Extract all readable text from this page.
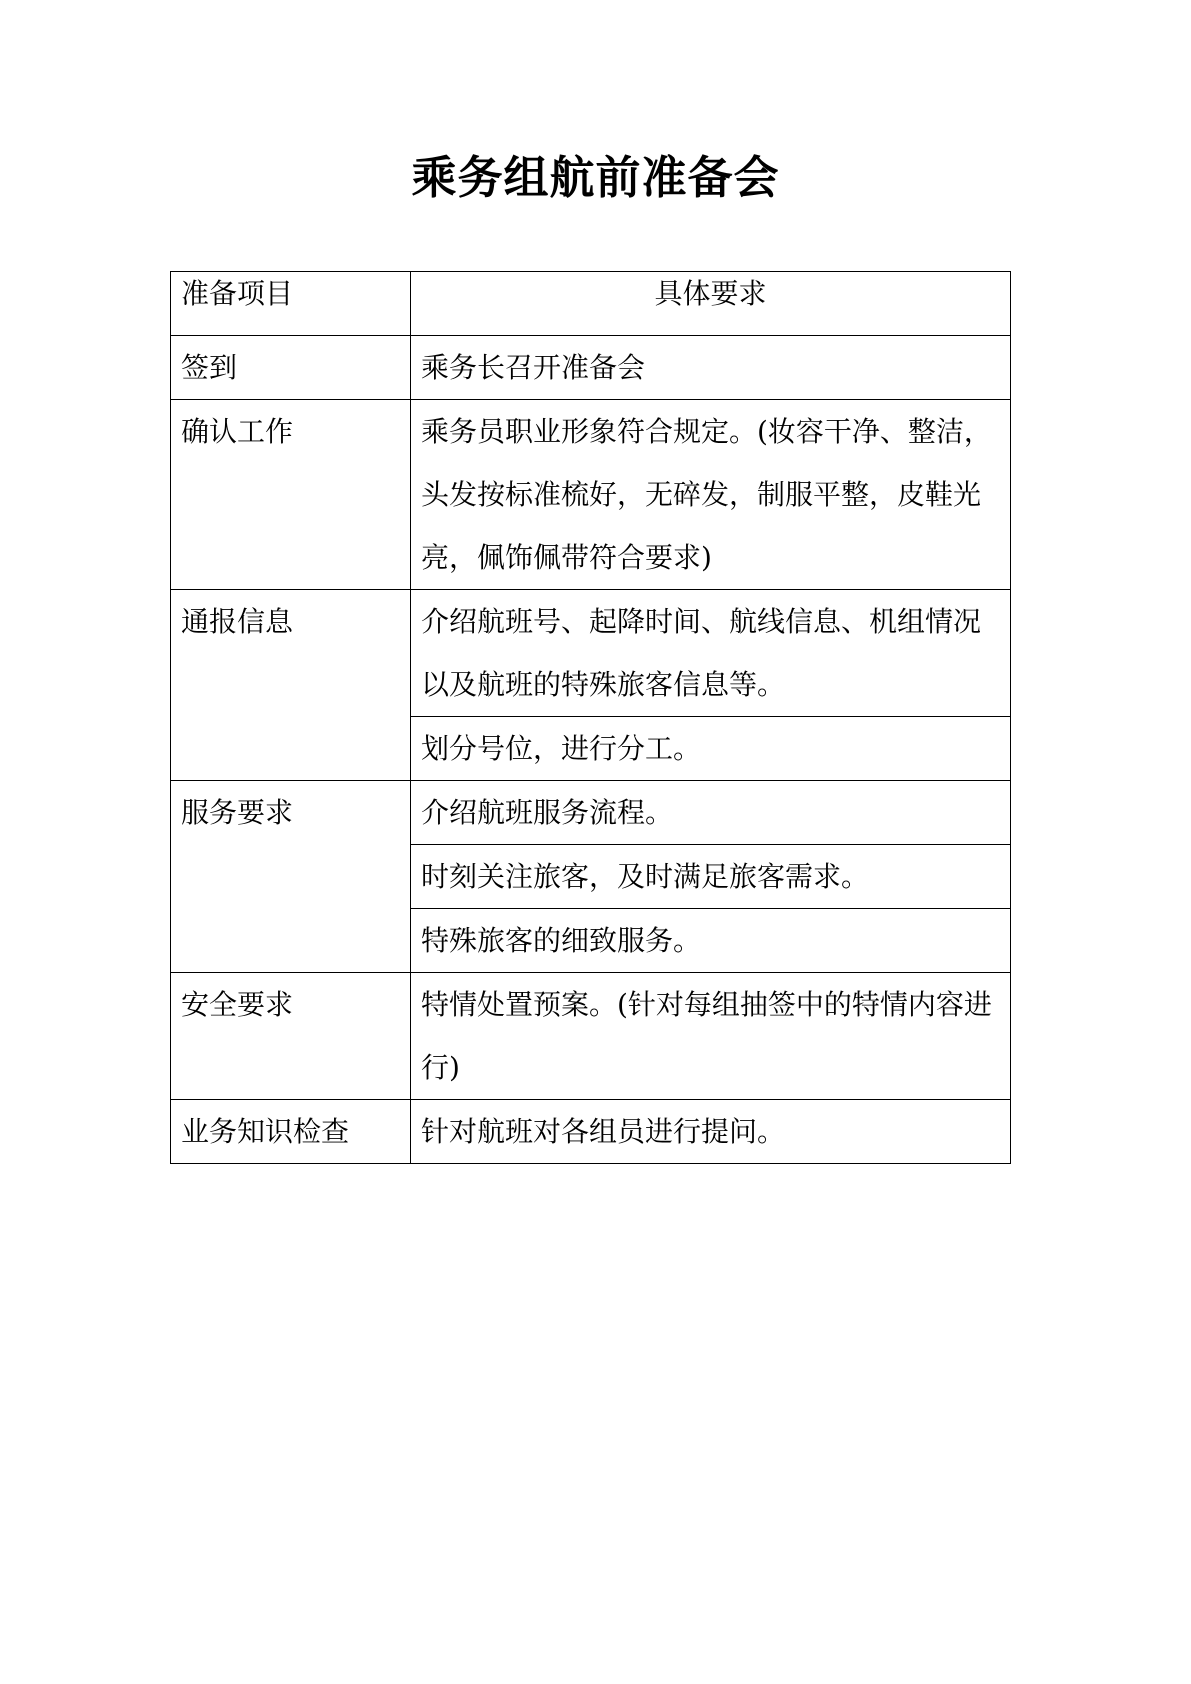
乘务组航前准备会
准备项目	具体要求
签到	乘务长召开准备会
确认工作	乘务员职业形象符合规定。(妆容干净、整洁，头发按标准梳好，无碎发，制服平整，皮鞋光亮，佩饰佩带符合要求)
通报信息	介绍航班号、起降时间、航线信息、机组情况以及航班的特殊旅客信息等。
	划分号位，进行分工。
服务要求	介绍航班服务流程。
	时刻关注旅客，及时满足旅客需求。
	特殊旅客的细致服务。
安全要求	特情处置预案。(针对每组抽签中的特情内容进行)
业务知识检查	针对航班对各组员进行提问。
